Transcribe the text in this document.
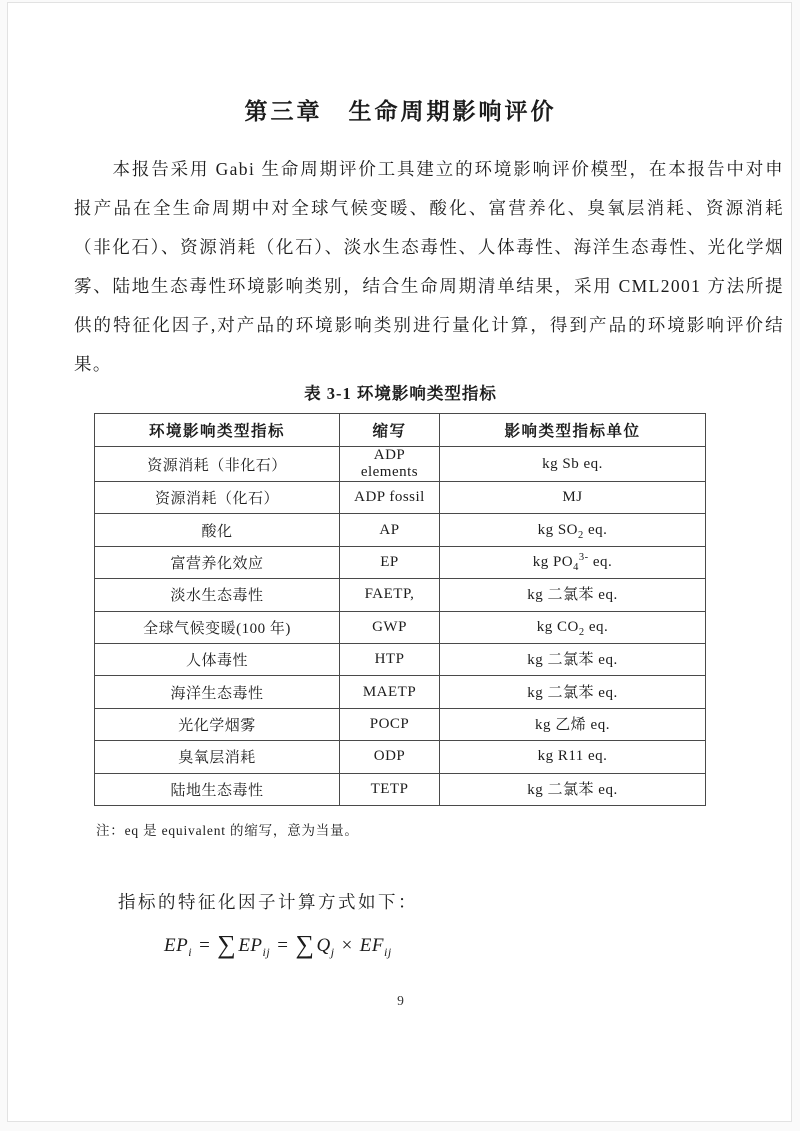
第三章　生命周期影响评价

本报告采用 Gabi 生命周期评价工具建立的环境影响评价模型，在本报告中对申报产品在全生命周期中对全球气候变暖、酸化、富营养化、臭氧层消耗、资源消耗（非化石）、资源消耗（化石）、淡水生态毒性、人体毒性、海洋生态毒性、光化学烟雾、陆地生态毒性环境影响类别，结合生命周期清单结果，采用 CML2001 方法所提供的特征化因子,对产品的环境影响类别进行量化计算，得到产品的环境影响评价结果。

表 3-1 环境影响类型指标
环境影响类型指标	缩写	影响类型指标单位
资源消耗（非化石）	ADP elements	kg Sb eq.
资源消耗（化石）	ADP fossil	MJ
酸化	AP	kg $SO_2$ eq.
富营养化效应	EP	kg $PO_4^{3-}$ eq.
淡水生态毒性	FAETP,	kg 二氯苯 eq.
全球气候变暖(100 年)	GWP	kg $CO_2$ eq.
人体毒性	HTP	kg 二氯苯 eq.
海洋生态毒性	MAETP	kg 二氯苯 eq.
光化学烟雾	POCP	kg 乙烯 eq.
臭氧层消耗	ODP	kg R11 eq.
陆地生态毒性	TETP	kg 二氯苯 eq.

注：eq 是 equivalent 的缩写，意为当量。

指标的特征化因子计算方式如下：

$EP_i$ = ∑ $EP_{ij}$ = ∑ $Q_j \times EF_{ij}$
9
